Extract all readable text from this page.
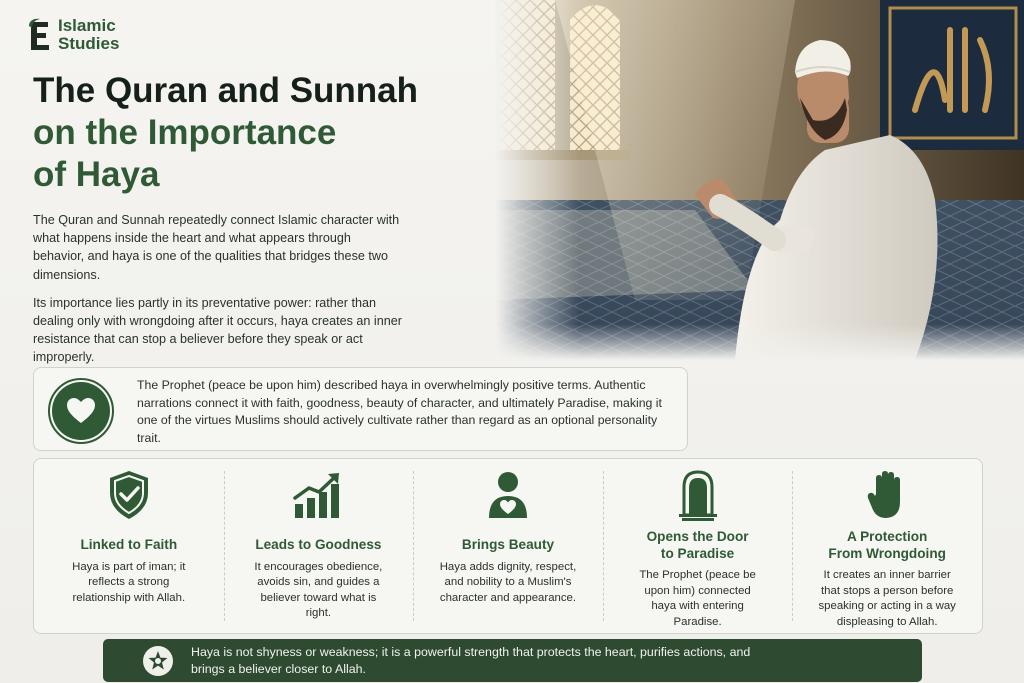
Islamic
Studies
The Quran and Sunnah
on the Importance
of Haya

The Quran and Sunnah repeatedly connect Islamic character with what happens inside the heart and what appears through behavior, and haya is one of the qualities that bridges these two dimensions.

Its importance lies partly in its preventative power: rather than dealing only with wrongdoing after it occurs, haya creates an inner resistance that can stop a believer before they speak or act improperly.

The Prophet (peace be upon him) described haya in overwhelmingly positive terms. Authentic narrations connect it with faith, goodness, beauty of character, and ultimately Paradise, making it one of the virtues Muslims should actively cultivate rather than regard as an optional personality trait.

Linked to Faith

Haya is part of iman; it reflects a strong relationship with Allah.

Leads to Goodness

It encourages obedience, avoids sin, and guides a believer toward what is right.

Brings Beauty

Haya adds dignity, respect, and nobility to a Muslim's character and appearance.

Opens the Door
to Paradise

The Prophet (peace be upon him) connected haya with entering Paradise.

A Protection
From Wrongdoing

It creates an inner barrier that stops a person before speaking or acting in a way displeasing to Allah.

Haya is not shyness or weakness; it is a powerful strength that protects the heart, purifies actions, and brings a believer closer to Allah.
